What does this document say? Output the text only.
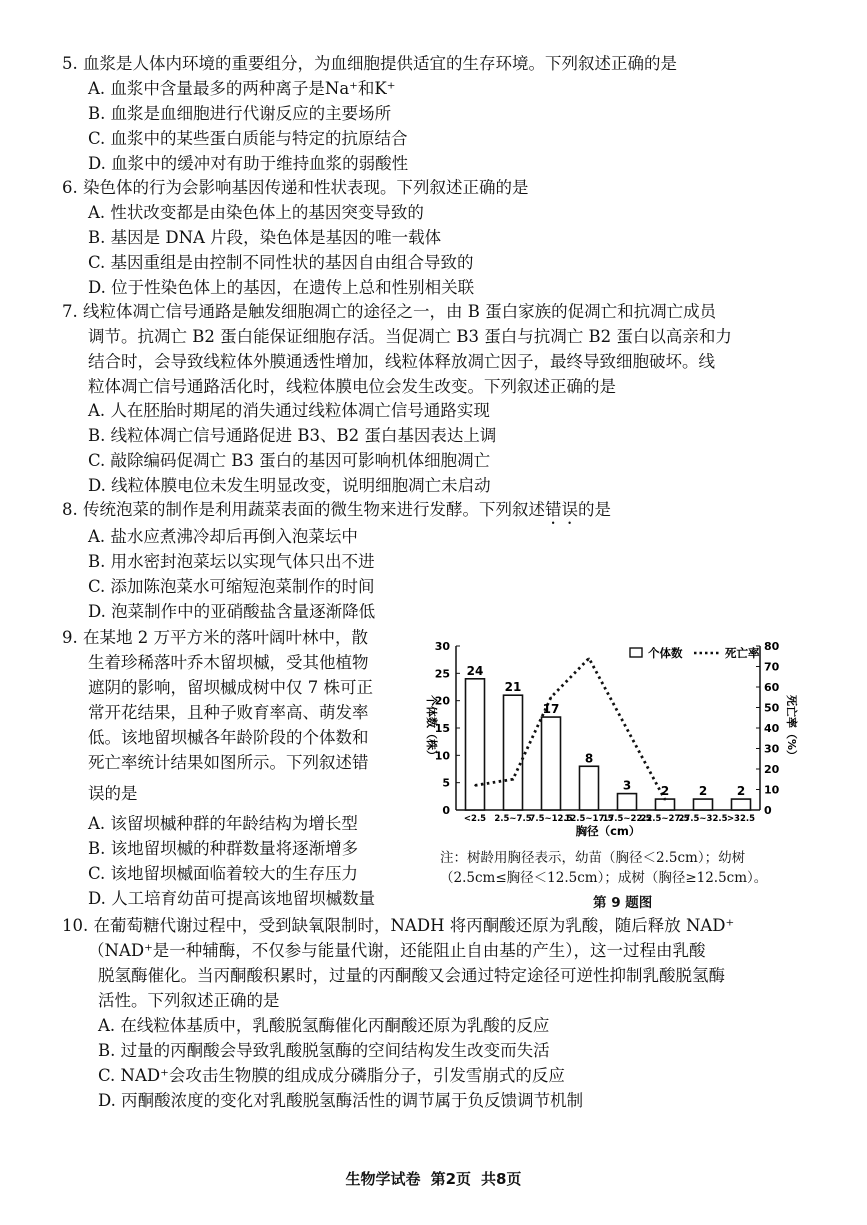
5. 血浆是人体内环境的重要组分，为血细胞提供适宜的生存环境。下列叙述正确的是
A. 血浆中含量最多的两种离子是Na⁺和K⁺
B. 血浆是血细胞进行代谢反应的主要场所
C. 血浆中的某些蛋白质能与特定的抗原结合
D. 血浆中的缓冲对有助于维持血浆的弱酸性
6. 染色体的行为会影响基因传递和性状表现。下列叙述正确的是
A. 性状改变都是由染色体上的基因突变导致的
B. 基因是 DNA 片段，染色体是基因的唯一载体
C. 基因重组是由控制不同性状的基因自由组合导致的
D. 位于性染色体上的基因，在遗传上总和性别相关联
7. 线粒体凋亡信号通路是触发细胞凋亡的途径之一，由 B 蛋白家族的促凋亡和抗凋亡成员
调节。抗凋亡 B2 蛋白能保证细胞存活。当促凋亡 B3 蛋白与抗凋亡 B2 蛋白以高亲和力
结合时，会导致线粒体外膜通透性增加，线粒体释放凋亡因子，最终导致细胞破坏。线
粒体凋亡信号通路活化时，线粒体膜电位会发生改变。下列叙述正确的是
A. 人在胚胎时期尾的消失通过线粒体凋亡信号通路实现
B. 线粒体凋亡信号通路促进 B3、B2 蛋白基因表达上调
C. 敲除编码促凋亡 B3 蛋白的基因可影响机体细胞凋亡
D. 线粒体膜电位未发生明显改变，说明细胞凋亡未启动
8. 传统泡菜的制作是利用蔬菜表面的微生物来进行发酵。下列叙述错误的是
A. 盐水应煮沸冷却后再倒入泡菜坛中
B. 用水密封泡菜坛以实现气体只出不进
C. 添加陈泡菜水可缩短泡菜制作的时间
D. 泡菜制作中的亚硝酸盐含量逐渐降低
9. 在某地 2 万平方米的落叶阔叶林中，散
生着珍稀落叶乔木留坝槭，受其他植物
遮阴的影响，留坝槭成树中仅 7 株可正
常开花结果，且种子败育率高、萌发率
低。该地留坝槭各年龄阶段的个体数和
死亡率统计结果如图所示。下列叙述错
误的是
A. 该留坝槭种群的年龄结构为增长型
B. 该地留坝槭的种群数量将逐渐增多
C. 该地留坝槭面临着较大的生存压力
D. 人工培育幼苗可提高该地留坝槭数量
0
5
10
15
20
25
30
0
10
20
30
40
50
60
70
80
24
<2.5
21
2.5~7.5
17
7.5~12.5
8
12.5~17.5
3
17.5~22.5
2
22.5~27.5
2
27.5~32.5
2
>32.5
个体数（株）	死亡率（%）
胸径（cm）
个体数	死亡率
注：树龄用胸径表示，幼苗（胸径＜2.5cm）；幼树
（2.5cm≤胸径＜12.5cm）；成树（胸径≥12.5cm）。
第 9 题图
10. 在葡萄糖代谢过程中，受到缺氧限制时，NADH 将丙酮酸还原为乳酸，随后释放 NAD⁺
（NAD⁺是一种辅酶，不仅参与能量代谢，还能阻止自由基的产生），这一过程由乳酸
脱氢酶催化。当丙酮酸积累时，过量的丙酮酸又会通过特定途径可逆性抑制乳酸脱氢酶
活性。下列叙述正确的是
A. 在线粒体基质中，乳酸脱氢酶催化丙酮酸还原为乳酸的反应
B. 过量的丙酮酸会导致乳酸脱氢酶的空间结构发生改变而失活
C. NAD⁺会攻击生物膜的组成成分磷脂分子，引发雪崩式的反应
D. 丙酮酸浓度的变化对乳酸脱氢酶活性的调节属于负反馈调节机制
生物学试卷 第2页 共8页
